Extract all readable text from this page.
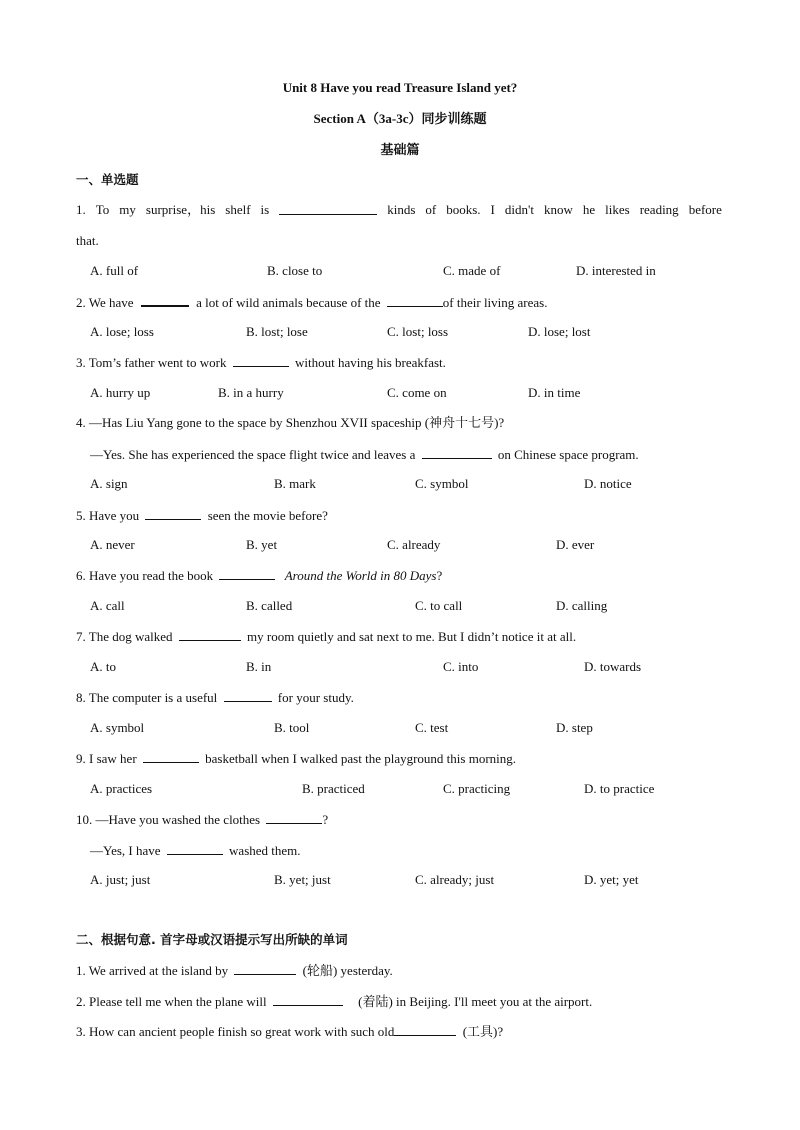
Unit 8 Have you read Treasure Island yet?
Section A（3a-3c）同步训练题
基础篇
一、单选题
1. To my surprise，his shelf is	kinds of books. I didn't know he likes reading before
that.
A. full of	B. close to	C. made of	D. interested in
2. We have	a lot of wild animals because of the	of their living areas.
A. lose; loss	B. lost; lose	C. lost; loss	D. lose; lost
3. Tom’s father went to work	without having his breakfast.
A. hurry up	B. in a hurry	C. come on	D. in time
4. —Has Liu Yang gone to the space by Shenzhou XVII spaceship (神舟十七号)?
—Yes. She has experienced the space flight twice and leaves a	on Chinese space program.
A. sign	B. mark	C. symbol	D. notice
5. Have you	seen the movie before?
A. never	B. yet	C. already	D. ever
6. Have you read the book	Around the World in 80 Days?
A. call	B. called	C. to call	D. calling
7. The dog walked	my room quietly and sat next to me. But I didn’t notice it at all.
A. to	B. in	C. into	D. towards
8. The computer is a useful	for your study.
A. symbol	B. tool	C. test	D. step
9. I saw her	basketball when I walked past the playground this morning.
A. practices	B. practiced	C. practicing	D. to practice
10. —Have you washed the clothes	?
—Yes, I have	washed them.
A. just; just	B. yet; just	C. already; just	D. yet; yet
二、根据句意. 首字母或汉语提示写出所缺的单词
1. We arrived at the island by	(轮船) yesterday.
2. Please tell me when the plane will	(着陆) in Beijing. I'll meet you at the airport.
3. How can ancient people finish so great work with such old	(工具)?
